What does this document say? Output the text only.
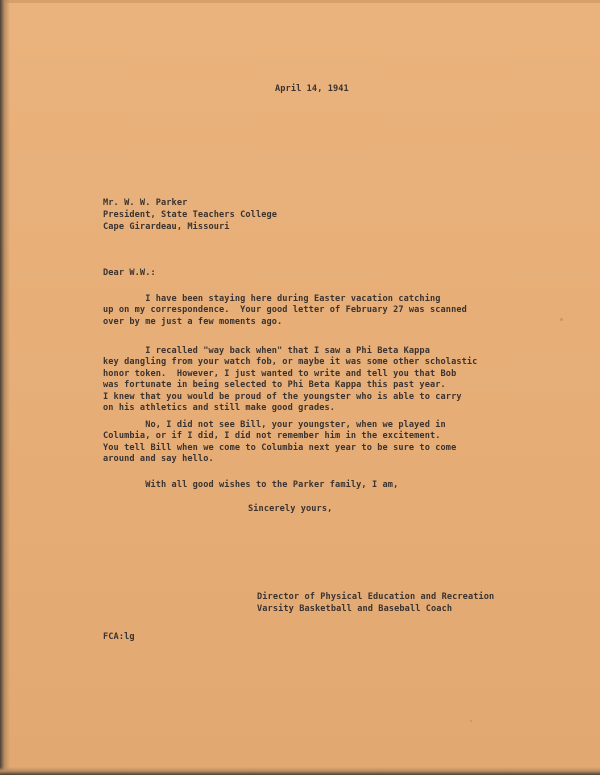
April 14, 1941
Mr. W. W. Parker
President, State Teachers College
Cape Girardeau, Missouri
Dear W.W.:
I have been staying here during Easter vacation catching
up on my correspondence.  Your good letter of February 27 was scanned
over by me just a few moments ago.
I recalled "way back when" that I saw a Phi Beta Kappa
key dangling from your watch fob, or maybe it was some other scholastic
honor token.  However, I just wanted to write and tell you that Bob
was fortunate in being selected to Phi Beta Kappa this past year.
I knew that you would be proud of the youngster who is able to carry
on his athletics and still make good grades.
No, I did not see Bill, your youngster, when we played in
Columbia, or if I did, I did not remember him in the excitement.
You tell Bill when we come to Columbia next year to be sure to come
around and say hello.
With all good wishes to the Parker family, I am,
Sincerely yours,
Director of Physical Education and Recreation
Varsity Basketball and Baseball Coach
FCA:lg
